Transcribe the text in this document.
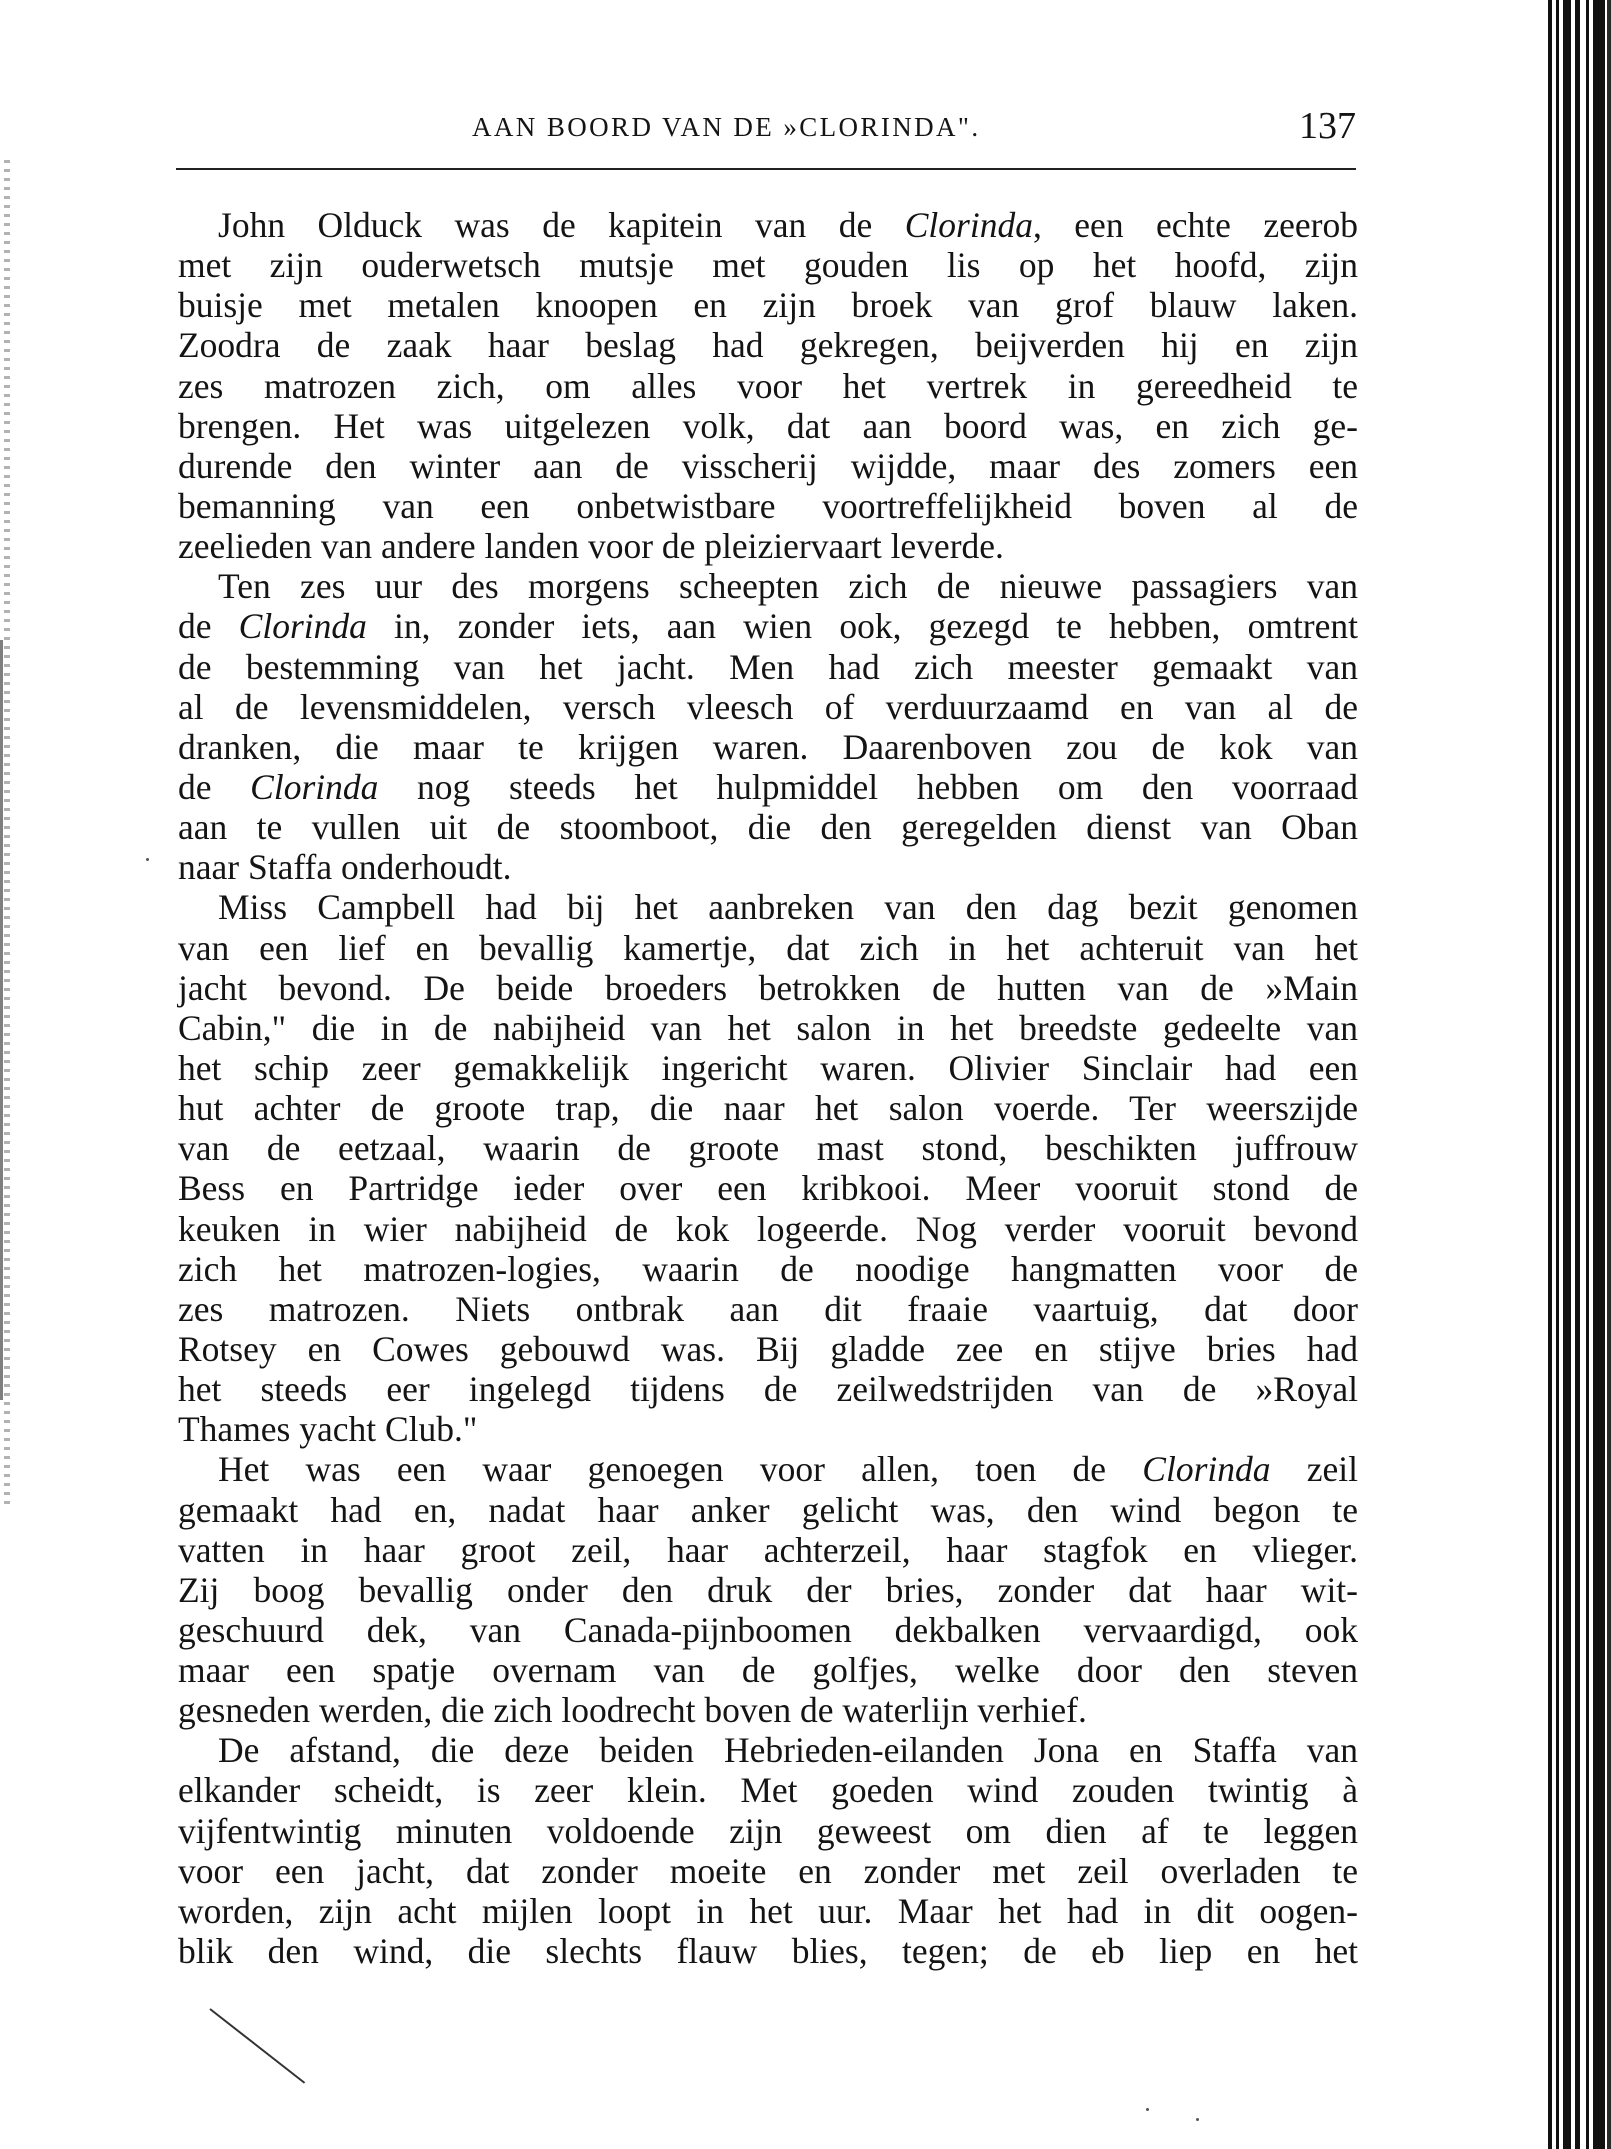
AAN BOORD VAN DE »CLORINDA".	137
John Olduck was de kapitein van de Clorinda, een echte zeerob
met zijn ouderwetsch mutsje met gouden lis op het hoofd, zijn
buisje met metalen knoopen en zijn broek van grof blauw laken.
Zoodra de zaak haar beslag had gekregen, beijverden hij en zijn
zes matrozen zich, om alles voor het vertrek in gereedheid te
brengen. Het was uitgelezen volk, dat aan boord was, en zich ge-
durende den winter aan de visscherij wijdde, maar des zomers een
bemanning van een onbetwistbare voortreffelijkheid boven al de
zeelieden van andere landen voor de pleiziervaart leverde.
Ten zes uur des morgens scheepten zich de nieuwe passagiers van
de Clorinda in, zonder iets, aan wien ook, gezegd te hebben, omtrent
de bestemming van het jacht. Men had zich meester gemaakt van
al de levensmiddelen, versch vleesch of verduurzaamd en van al de
dranken, die maar te krijgen waren. Daarenboven zou de kok van
de Clorinda nog steeds het hulpmiddel hebben om den voorraad
aan te vullen uit de stoomboot, die den geregelden dienst van Oban
naar Staffa onderhoudt.
Miss Campbell had bij het aanbreken van den dag bezit genomen
van een lief en bevallig kamertje, dat zich in het achteruit van het
jacht bevond. De beide broeders betrokken de hutten van de »Main
Cabin," die in de nabijheid van het salon in het breedste gedeelte van
het schip zeer gemakkelijk ingericht waren. Olivier Sinclair had een
hut achter de groote trap, die naar het salon voerde. Ter weerszijde
van de eetzaal, waarin de groote mast stond, beschikten juffrouw
Bess en Partridge ieder over een kribkooi. Meer vooruit stond de
keuken in wier nabijheid de kok logeerde. Nog verder vooruit bevond
zich het matrozen-logies, waarin de noodige hangmatten voor de
zes matrozen. Niets ontbrak aan dit fraaie vaartuig, dat door
Rotsey en Cowes gebouwd was. Bij gladde zee en stijve bries had
het steeds eer ingelegd tijdens de zeilwedstrijden van de »Royal
Thames yacht Club."
Het was een waar genoegen voor allen, toen de Clorinda zeil
gemaakt had en, nadat haar anker gelicht was, den wind begon te
vatten in haar groot zeil, haar achterzeil, haar stagfok en vlieger.
Zij boog bevallig onder den druk der bries, zonder dat haar wit-
geschuurd dek, van Canada-pijnboomen dekbalken vervaardigd, ook
maar een spatje overnam van de golfjes, welke door den steven
gesneden werden, die zich loodrecht boven de waterlijn verhief.
De afstand, die deze beiden Hebrieden-eilanden Jona en Staffa van
elkander scheidt, is zeer klein. Met goeden wind zouden twintig à
vijfentwintig minuten voldoende zijn geweest om dien af te leggen
voor een jacht, dat zonder moeite en zonder met zeil overladen te
worden, zijn acht mijlen loopt in het uur. Maar het had in dit oogen-
blik den wind, die slechts flauw blies, tegen; de eb liep en het
